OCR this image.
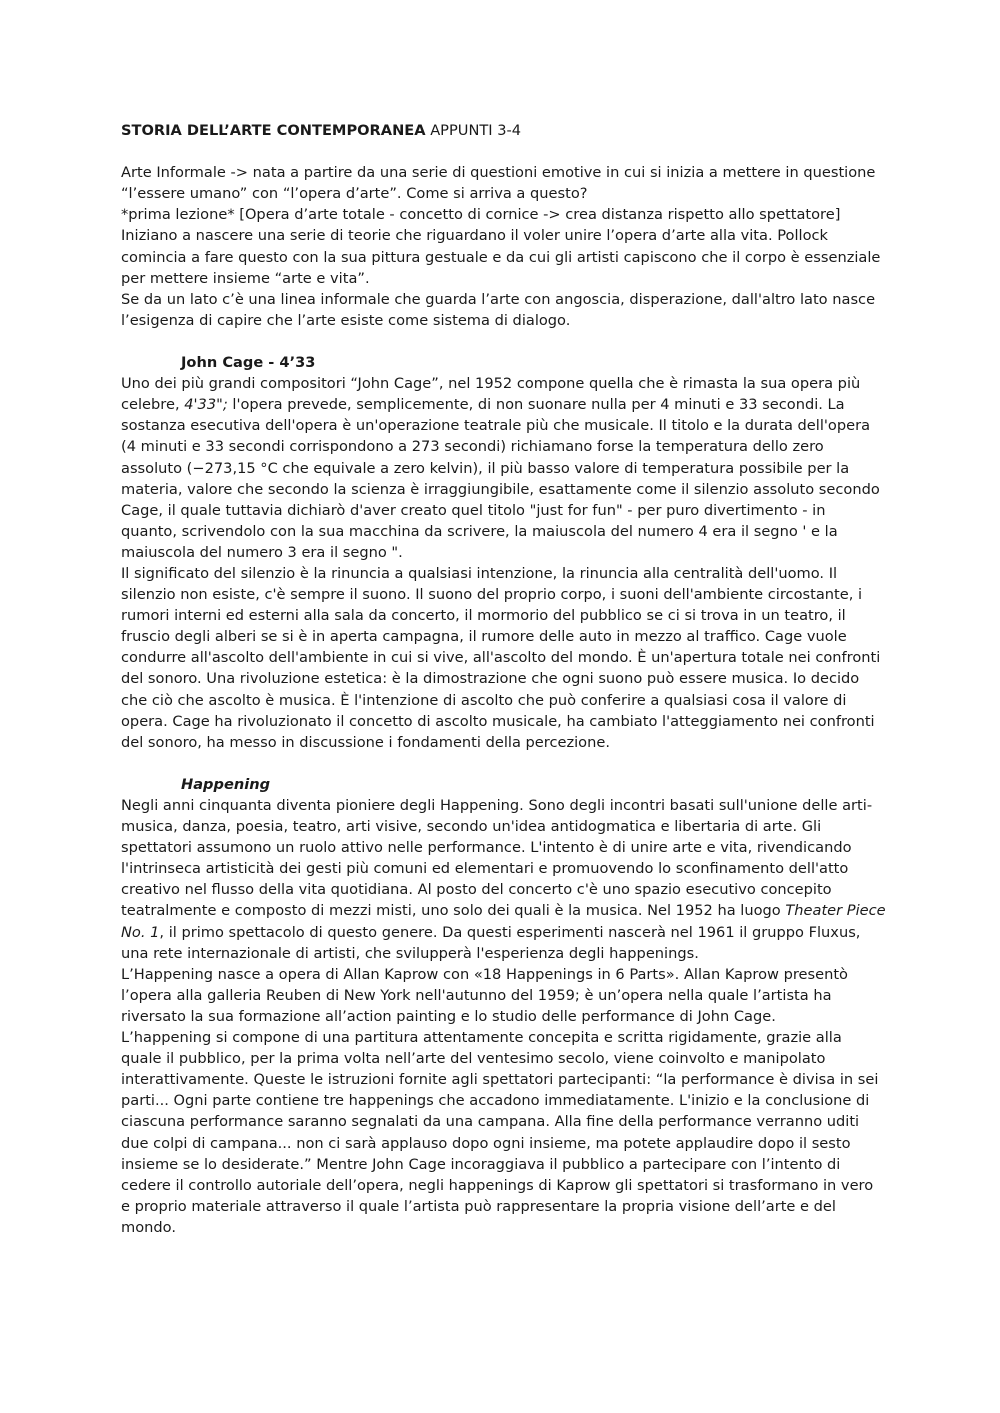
STORIA DELL’ARTE CONTEMPORANEA APPUNTI 3-4

Arte Informale -> nata a partire da una serie di questioni emotive in cui si inizia a mettere in questione “l’essere umano” con “l’opera d’arte”. Come si arriva a questo?

*prima lezione* [Opera d’arte totale - concetto di cornice -> crea distanza rispetto allo spettatore]

Iniziano a nascere una serie di teorie che riguardano il voler unire l’opera d’arte alla vita. Pollock comincia a fare questo con la sua pittura gestuale e da cui gli artisti capiscono che il corpo è essenziale per mettere insieme “arte e vita”.

Se da un lato c’è una linea informale che guarda l’arte con angoscia, disperazione, dall'altro lato nasce l’esigenza di capire che l’arte esiste come sistema di dialogo.

John Cage - 4’33

Uno dei più grandi compositori “John Cage”, nel 1952 compone quella che è rimasta la sua opera più celebre, 4'33"; l'opera prevede, semplicemente, di non suonare nulla per 4 minuti e 33 secondi. La sostanza esecutiva dell'opera è un'operazione teatrale più che musicale. Il titolo e la durata dell'opera (4 minuti e 33 secondi corrispondono a 273 secondi) richiamano forse la temperatura dello zero assoluto (−273,15 °C che equivale a zero kelvin), il più basso valore di temperatura possibile per la materia, valore che secondo la scienza è irraggiungibile, esattamente come il silenzio assoluto secondo Cage, il quale tuttavia dichiarò d'aver creato quel titolo "just for fun" - per puro divertimento - in quanto, scrivendolo con la sua macchina da scrivere, la maiuscola del numero 4 era il segno ' e la maiuscola del numero 3 era il segno ".

Il significato del silenzio è la rinuncia a qualsiasi intenzione, la rinuncia alla centralità dell'uomo. Il silenzio non esiste, c'è sempre il suono. Il suono del proprio corpo, i suoni dell'ambiente circostante, i rumori interni ed esterni alla sala da concerto, il mormorio del pubblico se ci si trova in un teatro, il fruscio degli alberi se si è in aperta campagna, il rumore delle auto in mezzo al traffico. Cage vuole condurre all'ascolto dell'ambiente in cui si vive, all'ascolto del mondo. È un'apertura totale nei confronti del sonoro. Una rivoluzione estetica: è la dimostrazione che ogni suono può essere musica. Io decido che ciò che ascolto è musica. È l'intenzione di ascolto che può conferire a qualsiasi cosa il valore di opera. Cage ha rivoluzionato il concetto di ascolto musicale, ha cambiato l'atteggiamento nei confronti del sonoro, ha messo in discussione i fondamenti della percezione.

Happening

Negli anni cinquanta diventa pioniere degli Happening. Sono degli incontri basati sull'unione delle arti-musica, danza, poesia, teatro, arti visive, secondo un'idea antidogmatica e libertaria di arte. Gli spettatori assumono un ruolo attivo nelle performance. L'intento è di unire arte e vita, rivendicando l'intrinseca artisticità dei gesti più comuni ed elementari e promuovendo lo sconfinamento dell'atto creativo nel flusso della vita quotidiana. Al posto del concerto c'è uno spazio esecutivo concepito teatralmente e composto di mezzi misti, uno solo dei quali è la musica. Nel 1952 ha luogo Theater Piece No. 1, il primo spettacolo di questo genere. Da questi esperimenti nascerà nel 1961 il gruppo Fluxus, una rete internazionale di artisti, che svilupperà l'esperienza degli happenings.

L’Happening nasce a opera di Allan Kaprow con «18 Happenings in 6 Parts». Allan Kaprow presentò l’opera alla galleria Reuben di New York nell'autunno del 1959; è un’opera nella quale l’artista ha riversato la sua formazione all’action painting e lo studio delle performance di John Cage.

L’happening si compone di una partitura attentamente concepita e scritta rigidamente, grazie alla quale il pubblico, per la prima volta nell’arte del ventesimo secolo, viene coinvolto e manipolato interattivamente. Queste le istruzioni fornite agli spettatori partecipanti: “la performance è divisa in sei parti... Ogni parte contiene tre happenings che accadono immediatamente. L'inizio e la conclusione di ciascuna performance saranno segnalati da una campana. Alla fine della performance verranno uditi due colpi di campana... non ci sarà applauso dopo ogni insieme, ma potete applaudire dopo il sesto insieme se lo desiderate.” Mentre John Cage incoraggiava il pubblico a partecipare con l’intento di cedere il controllo autoriale dell’opera, negli happenings di Kaprow gli spettatori si trasformano in vero e proprio materiale attraverso il quale l’artista può rappresentare la propria visione dell’arte e del mondo.
